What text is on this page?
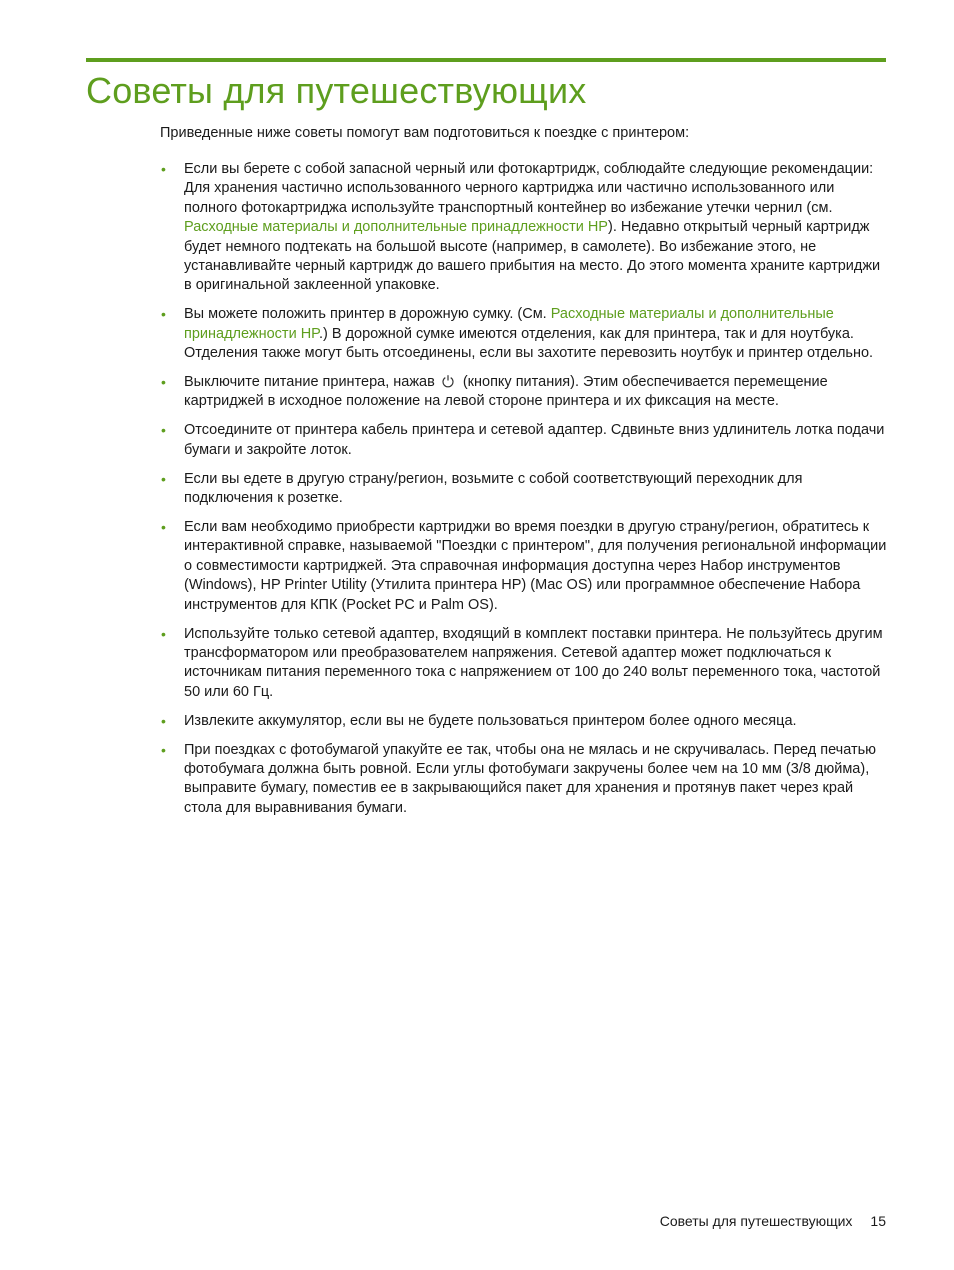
Советы для путешествующих

Приведенные ниже советы помогут вам подготовиться к поездке с принтером:

• Если вы берете с собой запасной черный или фотокартридж, соблюдайте следующие рекомендации: Для хранения частично использованного черного картриджа или частично использованного или полного фотокартриджа используйте транспортный контейнер во избежание утечки чернил (см. Расходные материалы и дополнительные принадлежности HP). Недавно открытый черный картридж будет немного подтекать на большой высоте (например, в самолете). Во избежание этого, не устанавливайте черный картридж до вашего прибытия на место. До этого момента храните картриджи в оригинальной заклеенной упаковке.
• Вы можете положить принтер в дорожную сумку. (См. Расходные материалы и дополнительные принадлежности HP.) В дорожной сумке имеются отделения, как для принтера, так и для ноутбука. Отделения также могут быть отсоединены, если вы захотите перевозить ноутбук и принтер отдельно.
• Выключите питание принтера, нажав (кнопку питания). Этим обеспечивается перемещение картриджей в исходное положение на левой стороне принтера и их фиксация на месте.
• Отсоедините от принтера кабель принтера и сетевой адаптер. Сдвиньте вниз удлинитель лотка подачи бумаги и закройте лоток.
• Если вы едете в другую страну/регион, возьмите с собой соответствующий переходник для подключения к розетке.
• Если вам необходимо приобрести картриджи во время поездки в другую страну/регион, обратитесь к интерактивной справке, называемой "Поездки с принтером", для получения региональной информации о совместимости картриджей. Эта справочная информация доступна через Набор инструментов (Windows), HP Printer Utility (Утилита принтера HP) (Mac OS) или программное обеспечение Набора инструментов для КПК (Pocket PC и Palm OS).
• Используйте только сетевой адаптер, входящий в комплект поставки принтера. Не пользуйтесь другим трансформатором или преобразователем напряжения. Сетевой адаптер может подключаться к источникам питания переменного тока с напряжением от 100 до 240 вольт переменного тока, частотой 50 или 60 Гц.
• Извлеките аккумулятор, если вы не будете пользоваться принтером более одного месяца.
• При поездках с фотобумагой упакуйте ее так, чтобы она не мялась и не скручивалась. Перед печатью фотобумага должна быть ровной. Если углы фотобумаги закручены более чем на 10 мм (3/8 дюйма), выправите бумагу, поместив ее в закрывающийся пакет для хранения и протянув пакет через край стола для выравнивания бумаги.
Советы для путешествующих 15
